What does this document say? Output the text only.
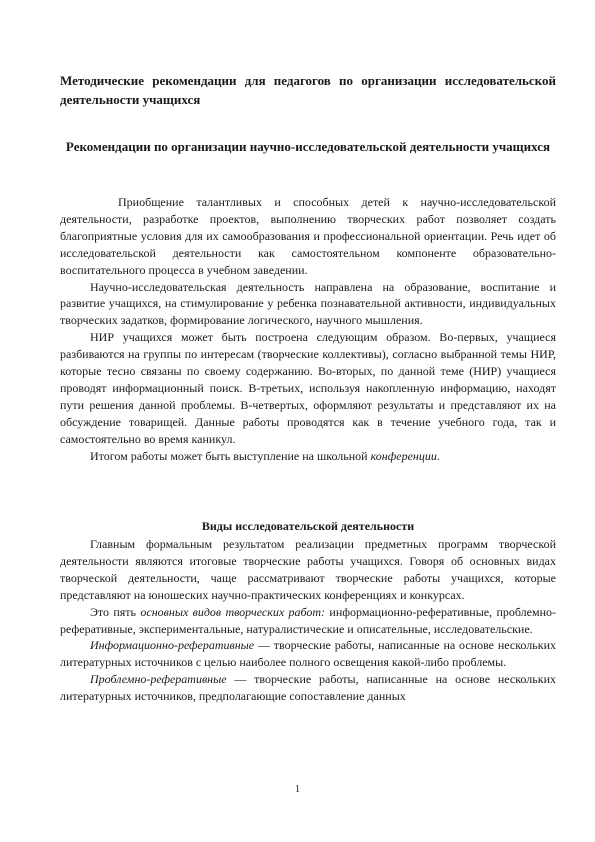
Методические рекомендации для педагогов по организации исследовательской деятельности учащихся
Рекомендации по организации научно-исследовательской деятельности учащихся

Приобщение талантливых и способных детей к научно-исследовательской деятельности, разработке проектов, выполнению творческих работ позволяет создать благоприятные условия для их самообразования и профессиональной ориентации. Речь идет об исследовательской деятельности как самостоятельном компоненте образовательно-воспитательного процесса в учебном заведении.

Научно-исследовательская деятельность направлена на образование, воспитание и развитие учащихся, на стимулирование у ребенка познавательной активности, индивидуальных творческих задатков, формирование логического, научного мышления.

НИР учащихся может быть построена следующим образом. Во-первых, учащиеся разбиваются на группы по интересам (творческие коллективы), согласно выбранной темы НИР, которые тесно связаны по своему содержанию. Во-вторых, по данной теме (НИР) учащиеся проводят информационный поиск. В-третьих, используя накопленную информацию, находят пути решения данной проблемы. В-четвертых, оформляют результаты и представляют их на обсуждение товарищей. Данные работы проводятся как в течение учебного года, так и самостоятельно во время каникул.

Итогом работы может быть выступление на школьной конференции.

Виды исследовательской деятельности

Главным формальным результатом реализации предметных программ творческой деятельности являются итоговые творческие работы учащихся. Говоря об основных видах творческой деятельности, чаще рассматривают творческие работы учащихся, которые представляют на юношеских научно-практических конференциях и конкурсах.

Это пять основных видов творческих работ: информационно-реферативные, проблемно-реферативные, экспериментальные, натуралистические и описательные, исследовательские.

Информационно-реферативные — творческие работы, написанные на основе нескольких литературных источников с целью наиболее полного освещения какой-либо проблемы.

Проблемно-реферативные — творческие работы, написанные на основе нескольких литературных источников, предполагающие сопоставление данных

1
